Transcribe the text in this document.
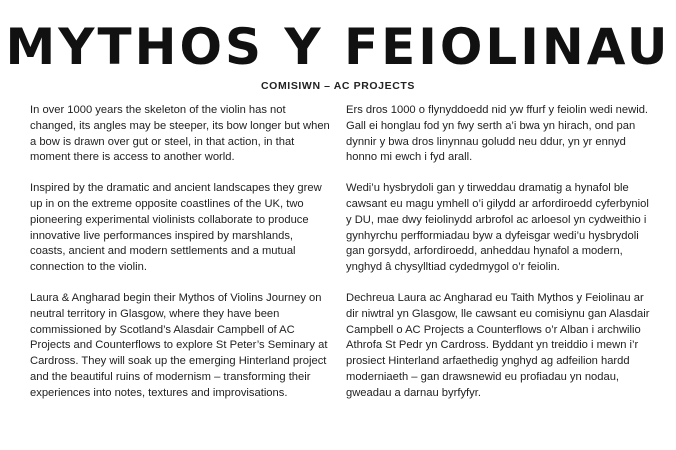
MYTHOS Y FEIOLINAU
COMISIWN – AC PROJECTS

In over 1000 years the skeleton of the violin has not changed, its angles may be steeper, its bow longer but when a bow is drawn over gut or steel, in that action, in that moment there is access to another world.

Inspired by the dramatic and ancient landscapes they grew up in on the extreme opposite coastlines of the UK, two pioneering experimental violinists collaborate to produce innovative live performances inspired by marshlands, coasts, ancient and modern settlements and a mutual connection to the violin.

Laura & Angharad begin their Mythos of Violins Journey on neutral territory in Glasgow, where they have been commissioned by Scotland’s Alasdair Campbell of AC Projects and Counterflows to explore St Peter’s Seminary at Cardross. They will soak up the emerging Hinterland project and the beautiful ruins of modernism – transforming their experiences into notes, textures and improvisations.

Ers dros 1000 o flynyddoedd nid yw ffurf y feiolin wedi newid. Gall ei honglau fod yn fwy serth a’i bwa yn hirach, ond pan dynnir y bwa dros linynnau goludd neu ddur, yn yr ennyd honno mi ewch i fyd arall.

Wedi’u hysbrydoli gan y tirweddau dramatig a hynafol ble cawsant eu magu ymhell o’i gilydd ar arfordiroedd cyferbyniol y DU, mae dwy feiolinydd arbrofol ac arloesol yn cydweithio i gynhyrchu perfformiadau byw a dyfeisgar wedi’u hysbrydoli gan gorsydd, arfordiroedd, anheddau hynafol a modern, ynghyd â chysylltiad cydedmygol o’r feiolin.

Dechreua Laura ac Angharad eu Taith Mythos y Feiolinau ar dir niwtral yn Glasgow, lle cawsant eu comisiynu gan Alasdair Campbell o AC Projects a Counterflows o’r Alban i archwilio Athrofa St Pedr yn Cardross. Byddant yn treiddio i mewn i’r prosiect Hinterland arfaethedig ynghyd ag adfeilion hardd moderniaeth – gan drawsnewid eu profiadau yn nodau, gweadau a darnau byrfyfyr.
